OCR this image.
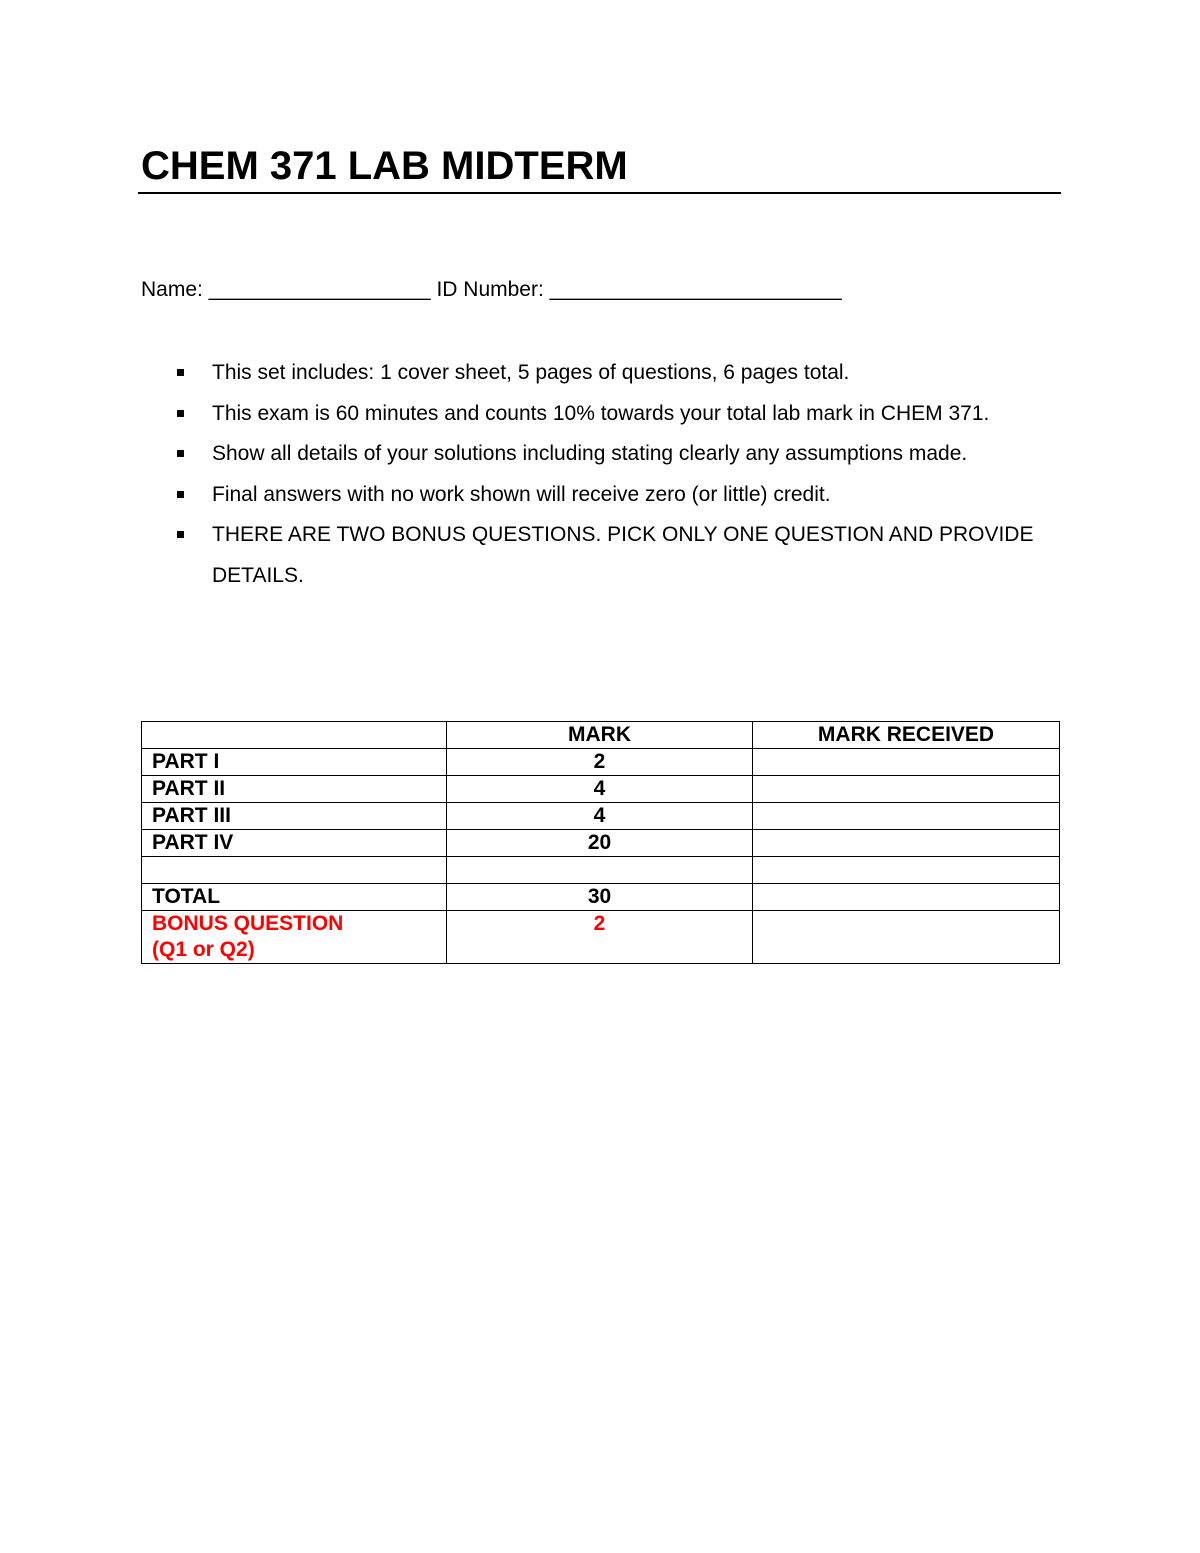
CHEM 371 LAB MIDTERM
Name: ___________________ ID Number: _________________________
This set includes: 1 cover sheet, 5 pages of questions, 6 pages total.
This exam is 60 minutes and counts 10% towards your total lab mark in CHEM 371.
Show all details of your solutions including stating clearly any assumptions made.
Final answers with no work shown will receive zero (or little) credit.
THERE ARE TWO BONUS QUESTIONS. PICK ONLY ONE QUESTION AND PROVIDE DETAILS.
	MARK	MARK RECEIVED
PART I	2	
PART II	4	
PART III	4	
PART IV	20	

TOTAL	30	

BONUS QUESTION
(Q1 or Q2)	2	
